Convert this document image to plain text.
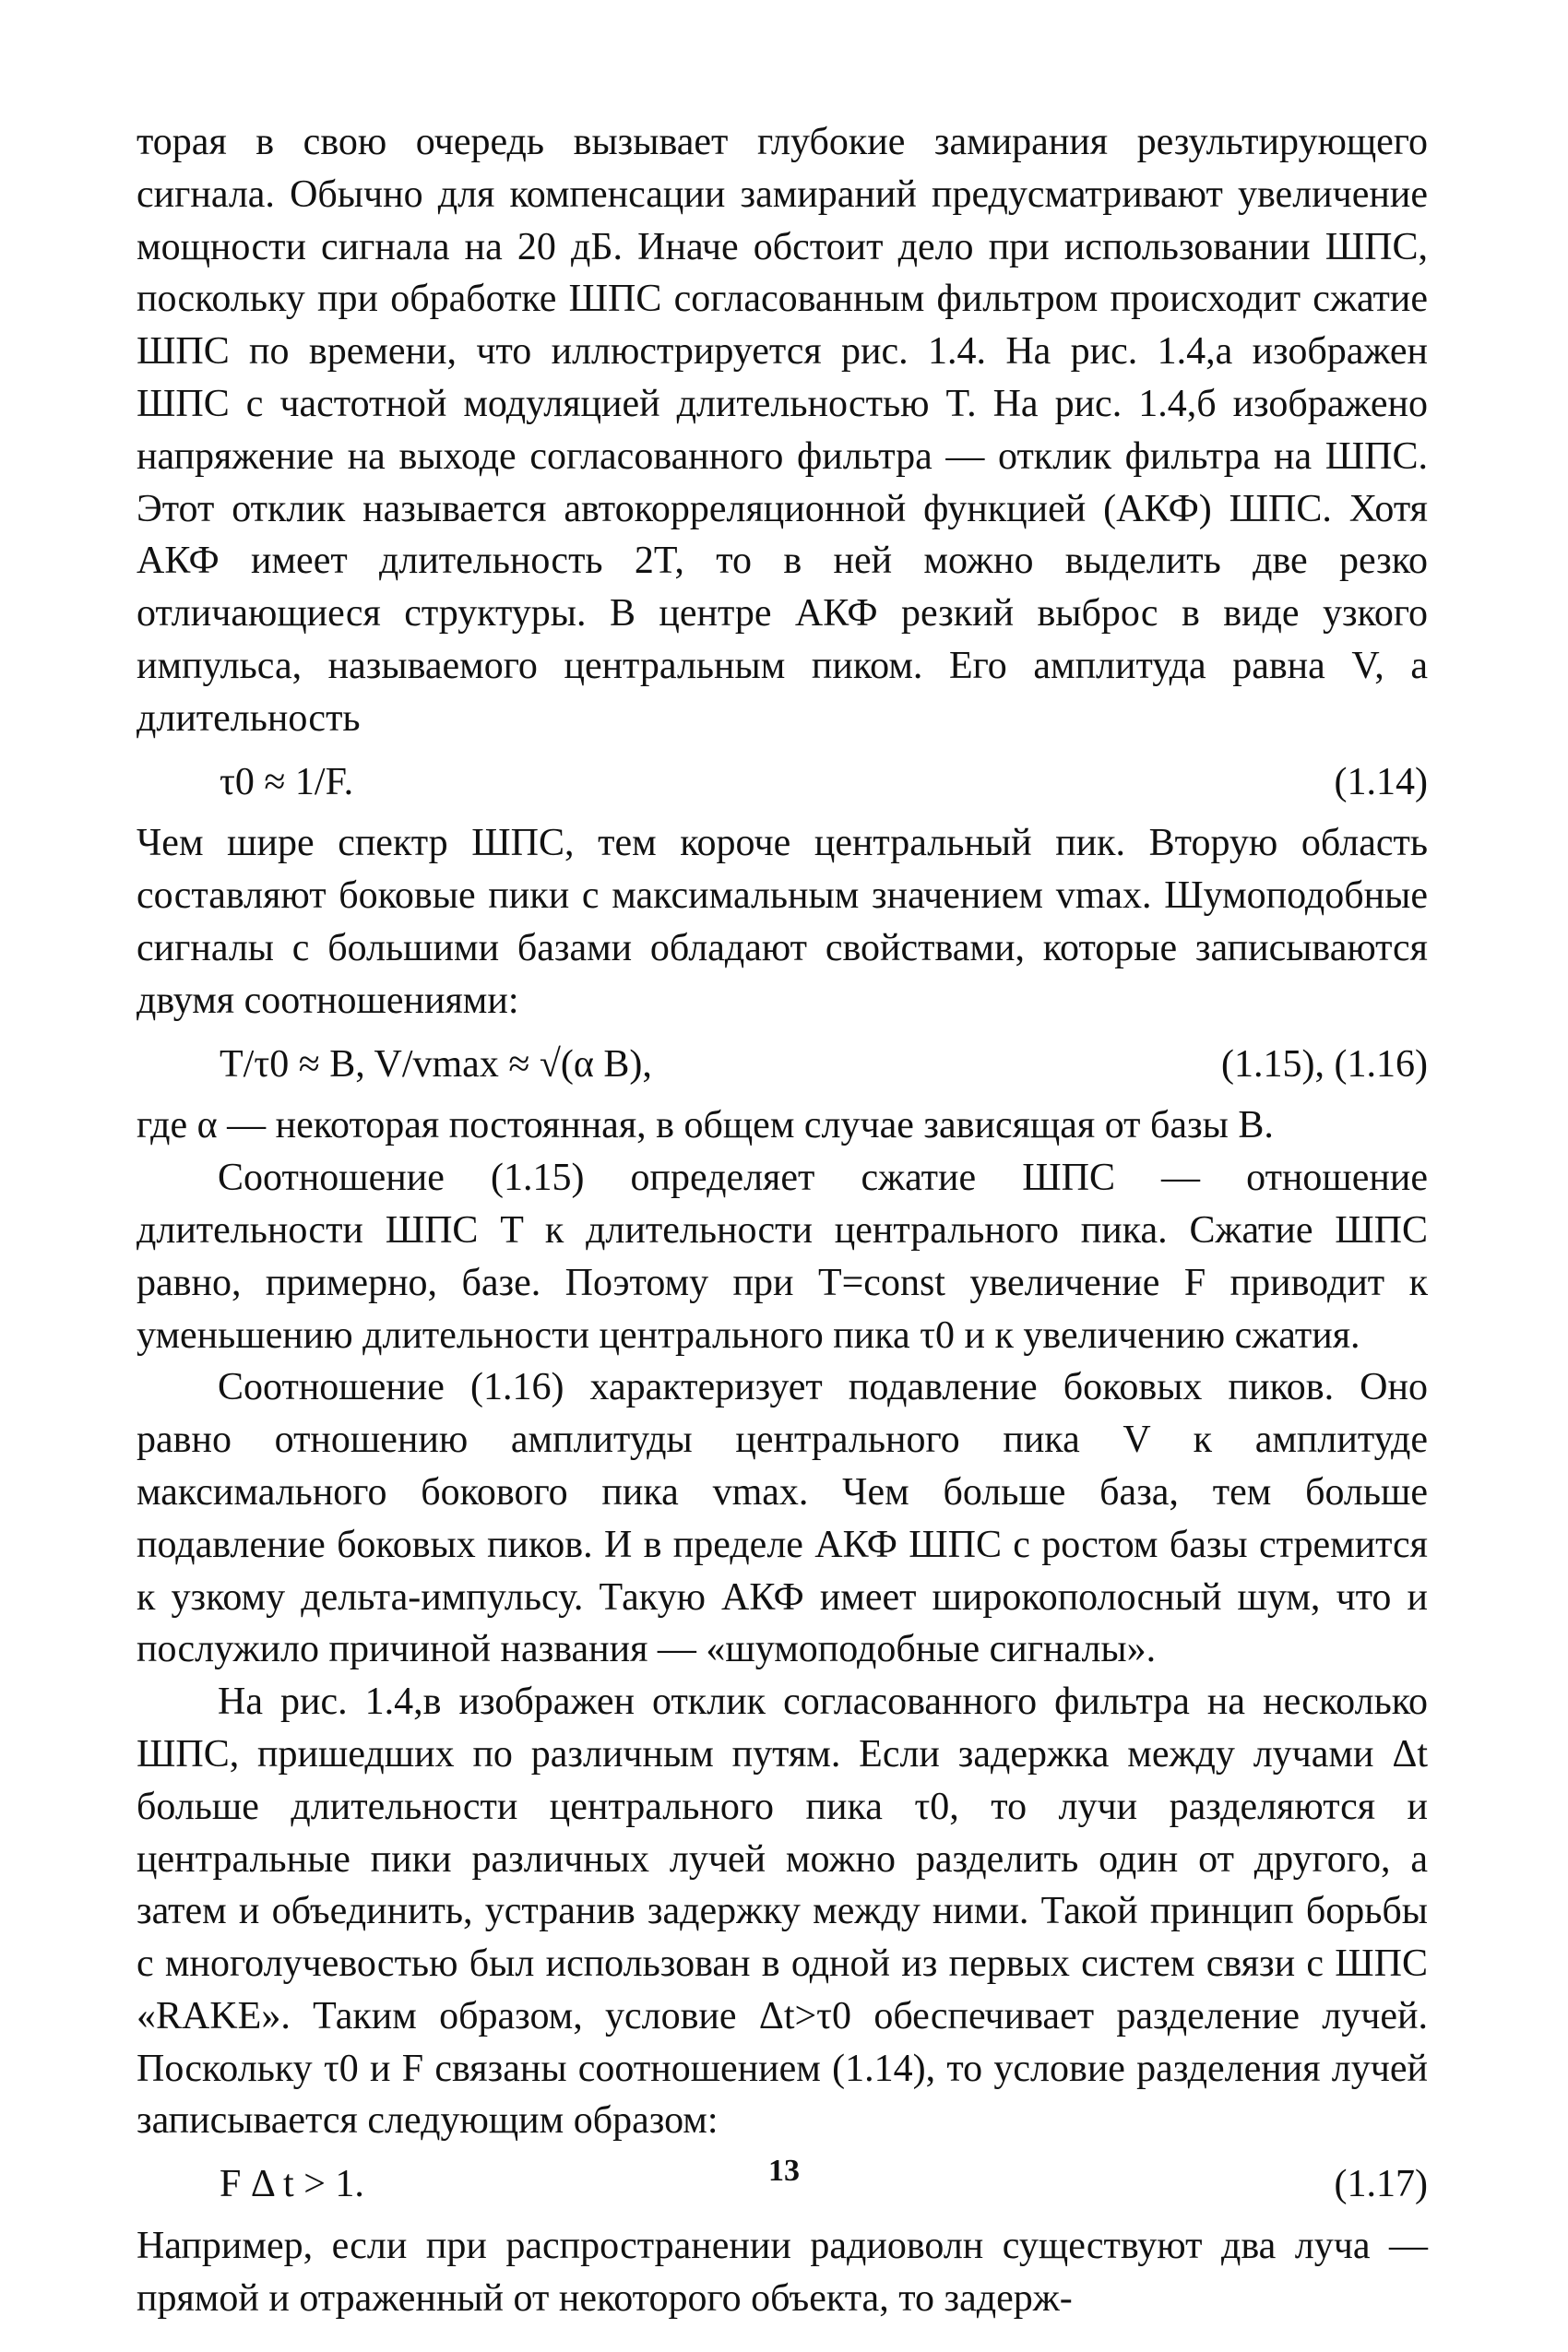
торая в свою очередь вызывает глубокие замирания результирующего сигнала. Обычно для компенсации замираний предусматривают увеличение мощности сигнала на 20 дБ. Иначе обстоит дело при использовании ШПС, поскольку при обработке ШПС согласованным фильтром происходит сжатие ШПС по времени, что иллюстрируется рис. 1.4. На рис. 1.4,а изображен ШПС с частотной модуляцией длительностью T. На рис. 1.4,б изображено напряжение на выходе согласованного фильтра — отклик фильтра на ШПС. Этот отклик называется автокорреляционной функцией (АКФ) ШПС. Хотя АКФ имеет длительность 2T, то в ней можно выделить две резко отличающиеся структуры. В центре АКФ резкий выброс в виде узкого импульса, называемого центральным пиком. Его амплитуда равна V, а длительность

τ0 ≈ 1/F.	(1.14)

Чем шире спектр ШПС, тем короче центральный пик. Вторую область составляют боковые пики с максимальным значением vmax. Шумоподобные сигналы с большими базами обладают свойствами, которые записываются двумя соотношениями:

T/τ0 ≈ B, V/vmax ≈ √(α B),	(1.15), (1.16)

где α — некоторая постоянная, в общем случае зависящая от базы B.

Соотношение (1.15) определяет сжатие ШПС — отношение длительности ШПС T к длительности центрального пика. Сжатие ШПС равно, примерно, базе. Поэтому при T=const увеличение F приводит к уменьшению длительности центрального пика τ0 и к увеличению сжатия.

Соотношение (1.16) характеризует подавление боковых пиков. Оно равно отношению амплитуды центрального пика V к амплитуде максимального бокового пика vmax. Чем больше база, тем больше подавление боковых пиков. И в пределе АКФ ШПС с ростом базы стремится к узкому дельта-импульсу. Такую АКФ имеет широкополосный шум, что и послужило причиной названия — «шумоподобные сигналы».

На рис. 1.4,в изображен отклик согласованного фильтра на несколько ШПС, пришедших по различным путям. Если задержка между лучами Δt больше длительности центрального пика τ0, то лучи разделяются и центральные пики различных лучей можно разделить один от другого, а затем и объединить, устранив задержку между ними. Такой принцип борьбы с многолучевостью был использован в одной из первых систем связи с ШПС «RAKE». Таким образом, условие Δt>τ0 обеспечивает разделение лучей. Поскольку τ0 и F связаны соотношением (1.14), то условие разделения лучей записывается следующим образом:

F Δ t > 1.	(1.17)

Например, если при распространении радиоволн существуют два луча — прямой и отраженный от некоторого объекта, то задерж-

13
